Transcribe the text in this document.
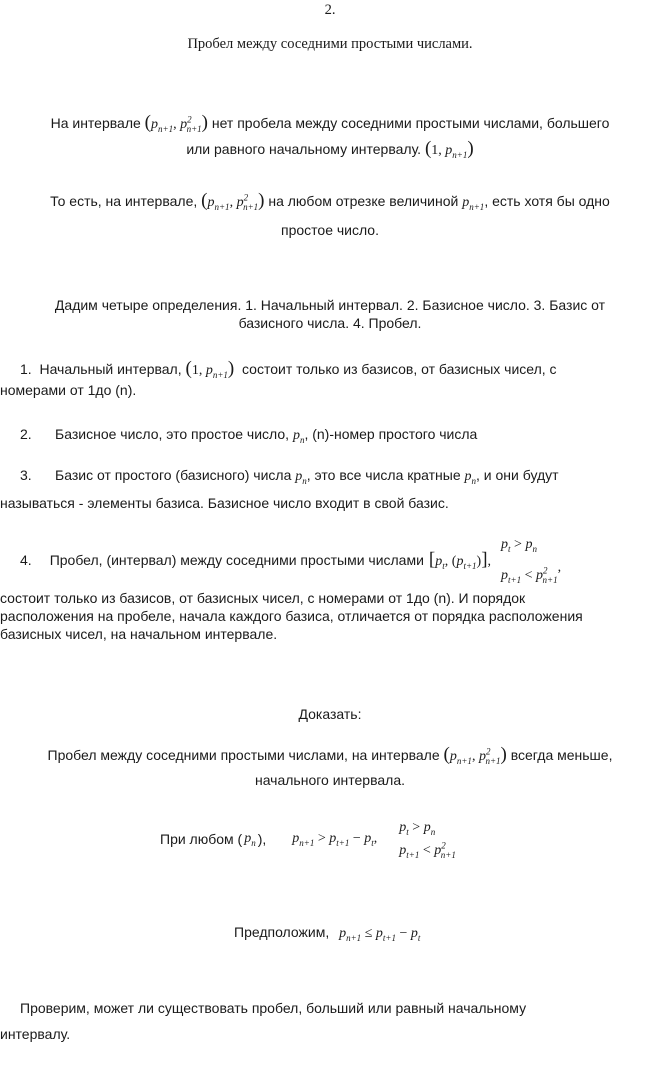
2.
Пробел между соседними простыми числами.
На интервале ($p_{n+1}$, $p^2_{n+1}$) нет пробела между соседними простыми числами, большего
или равного начальному интервалу. (1, $p_{n+1}$)
То есть, на интервале, ($p_{n+1}$, $p^2_{n+1}$) на любом отрезке величиной $p_{n+1}$, есть хотя бы одно
простое число.
Дадим четыре определения. 1. Начальный интервал. 2. Базисное число. 3. Базис от
базисного числа. 4. Пробел.
1. Начальный интервал, (1, $p_{n+1}$) состоит только из базисов, от базисных чисел, с
номерами от 1до (n).
2. Базисное число, это простое число, $p_n$, (n)-номер простого числа
3. Базис от простого (базисного) числа $p_n$, это все числа кратные $p_n$, и они будут
называться - элементы базиса. Базисное число входит в свой базис.
4. Пробел, (интервал) между соседними простыми числами [$p_t$, $(p_{t+1})$],
$p_t > p_n$
$p_{t+1} < p^2_{n+1}$,
состоит только из базисов, от базисных чисел, с номерами от 1до (n). И порядок
расположения на пробеле, начала каждого базиса, отличается от порядка расположения
базисных чисел, на начальном интервале.
Доказать:
Пробел между соседними простыми числами, на интервале ($p_{n+1}$, $p^2_{n+1}$) всегда меньше,
начального интервала.
При любом ( $p_n$ ), $p_{n+1} > p_{t+1} - p_t$,
$p_t > p_n$
$p_{t+1} < p^2_{n+1}$
Предположим, $p_{n+1} \le p_{t+1} - p_t$
Проверим, может ли существовать пробел, больший или равный начальному
интервалу.
